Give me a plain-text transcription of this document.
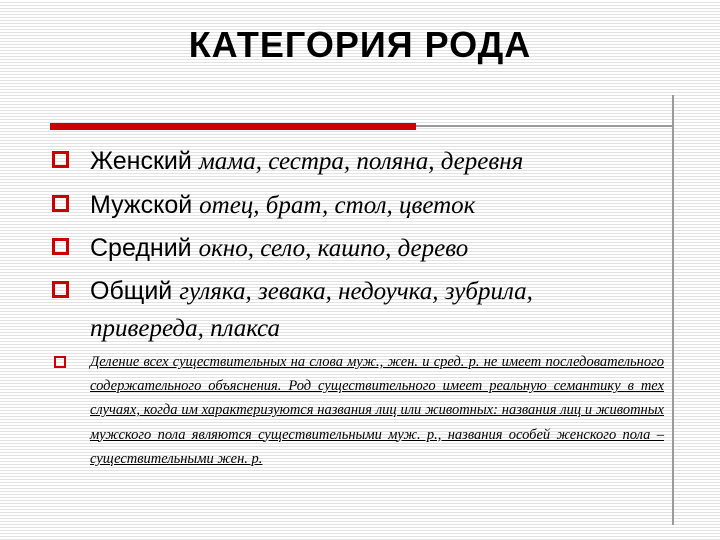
КАТЕГОРИЯ РОДА
Женский мама, сестра, поляна, деревня
Мужской отец, брат, стол, цветок
Средний окно, село, кашпо, дерево
Общий гуляка, зевака, недоучка, зубрила,
привереда, плакса
Деление всех существительных на слова муж., жен. и сред. р. не имеет последовательного содержательного объяснения. Род существительного имеет реальную семантику в тех случаях, когда им характеризуются названия лиц или животных: названия лиц и животных мужского пола являются существительными муж. р., названия особей женского пола – существительными жен. р.
